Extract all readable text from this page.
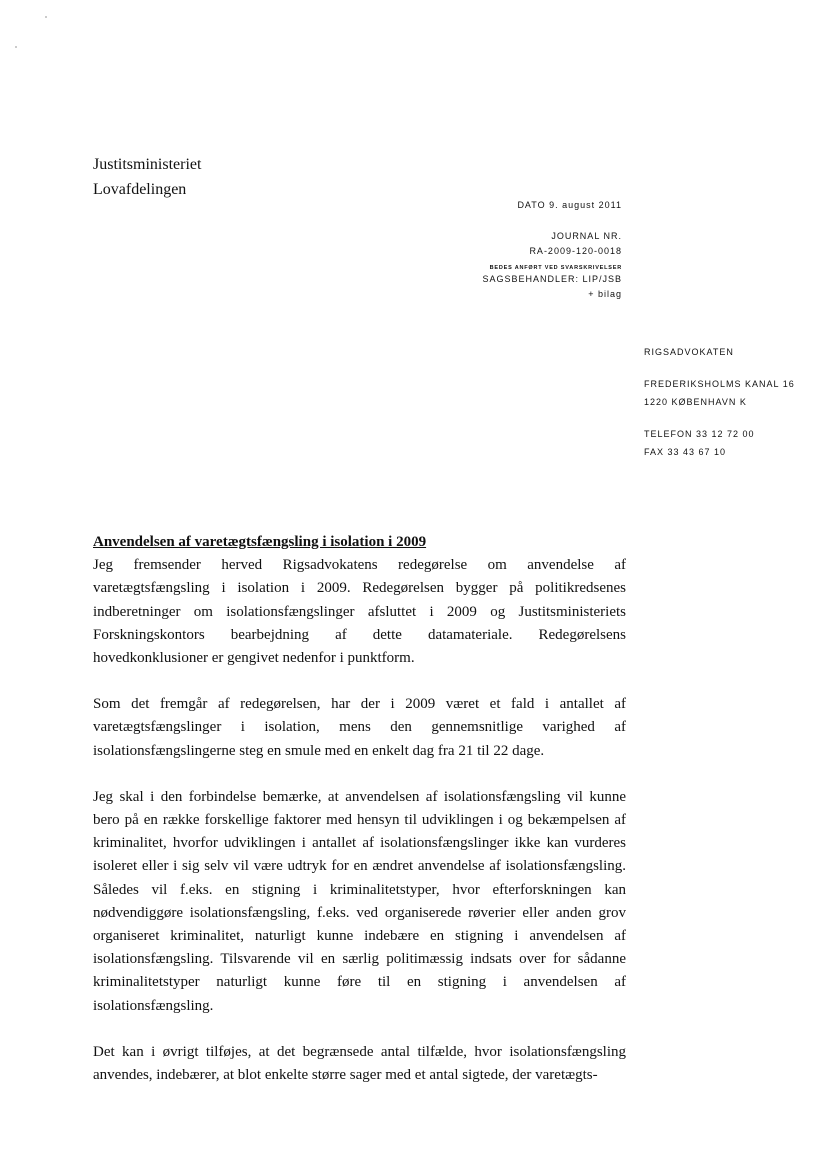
Justitsministeriet
Lovafdelingen
DATO 9. august 2011
JOURNAL NR.
RA-2009-120-0018
BEDES ANFØRT VED SVARSKRIVELSER
SAGSBEHANDLER: LIP/JSB
+ bilag
RIGSADVOKATEN
FREDERIKSHOLMS KANAL 16
1220 KØBENHAVN K
TELEFON 33 12 72 00
FAX 33 43 67 10
Anvendelsen af varetægtsfængsling i isolation i 2009

Jeg fremsender herved Rigsadvokatens redegørelse om anvendelse af varetægtsfængsling i isolation i 2009. Redegørelsen bygger på politikredsenes indberetninger om isolationsfængslinger afsluttet i 2009 og Justitsministeriets Forskningskontors bearbejdning af dette datamateriale. Redegørelsens hovedkonklusioner er gengivet nedenfor i punktform.

Som det fremgår af redegørelsen, har der i 2009 været et fald i antallet af varetægtsfængslinger i isolation, mens den gennemsnitlige varighed af isolationsfængslingerne steg en smule med en enkelt dag fra 21 til 22 dage.

Jeg skal i den forbindelse bemærke, at anvendelsen af isolationsfængsling vil kunne bero på en række forskellige faktorer med hensyn til udviklingen i og bekæmpelsen af kriminalitet, hvorfor udviklingen i antallet af isolationsfængslinger ikke kan vurderes isoleret eller i sig selv vil være udtryk for en ændret anvendelse af isolationsfængsling. Således vil f.eks. en stigning i kriminalitetstyper, hvor efterforskningen kan nødvendiggøre isolationsfængsling, f.eks. ved organiserede røverier eller anden grov organiseret kriminalitet, naturligt kunne indebære en stigning i anvendelsen af isolationsfængsling. Tilsvarende vil en særlig politimæssig indsats over for sådanne kriminalitetstyper naturligt kunne føre til en stigning i anvendelsen af isolationsfængsling.

Det kan i øvrigt tilføjes, at det begrænsede antal tilfælde, hvor isolationsfængsling anvendes, indebærer, at blot enkelte større sager med et antal sigtede, der varetægts-
